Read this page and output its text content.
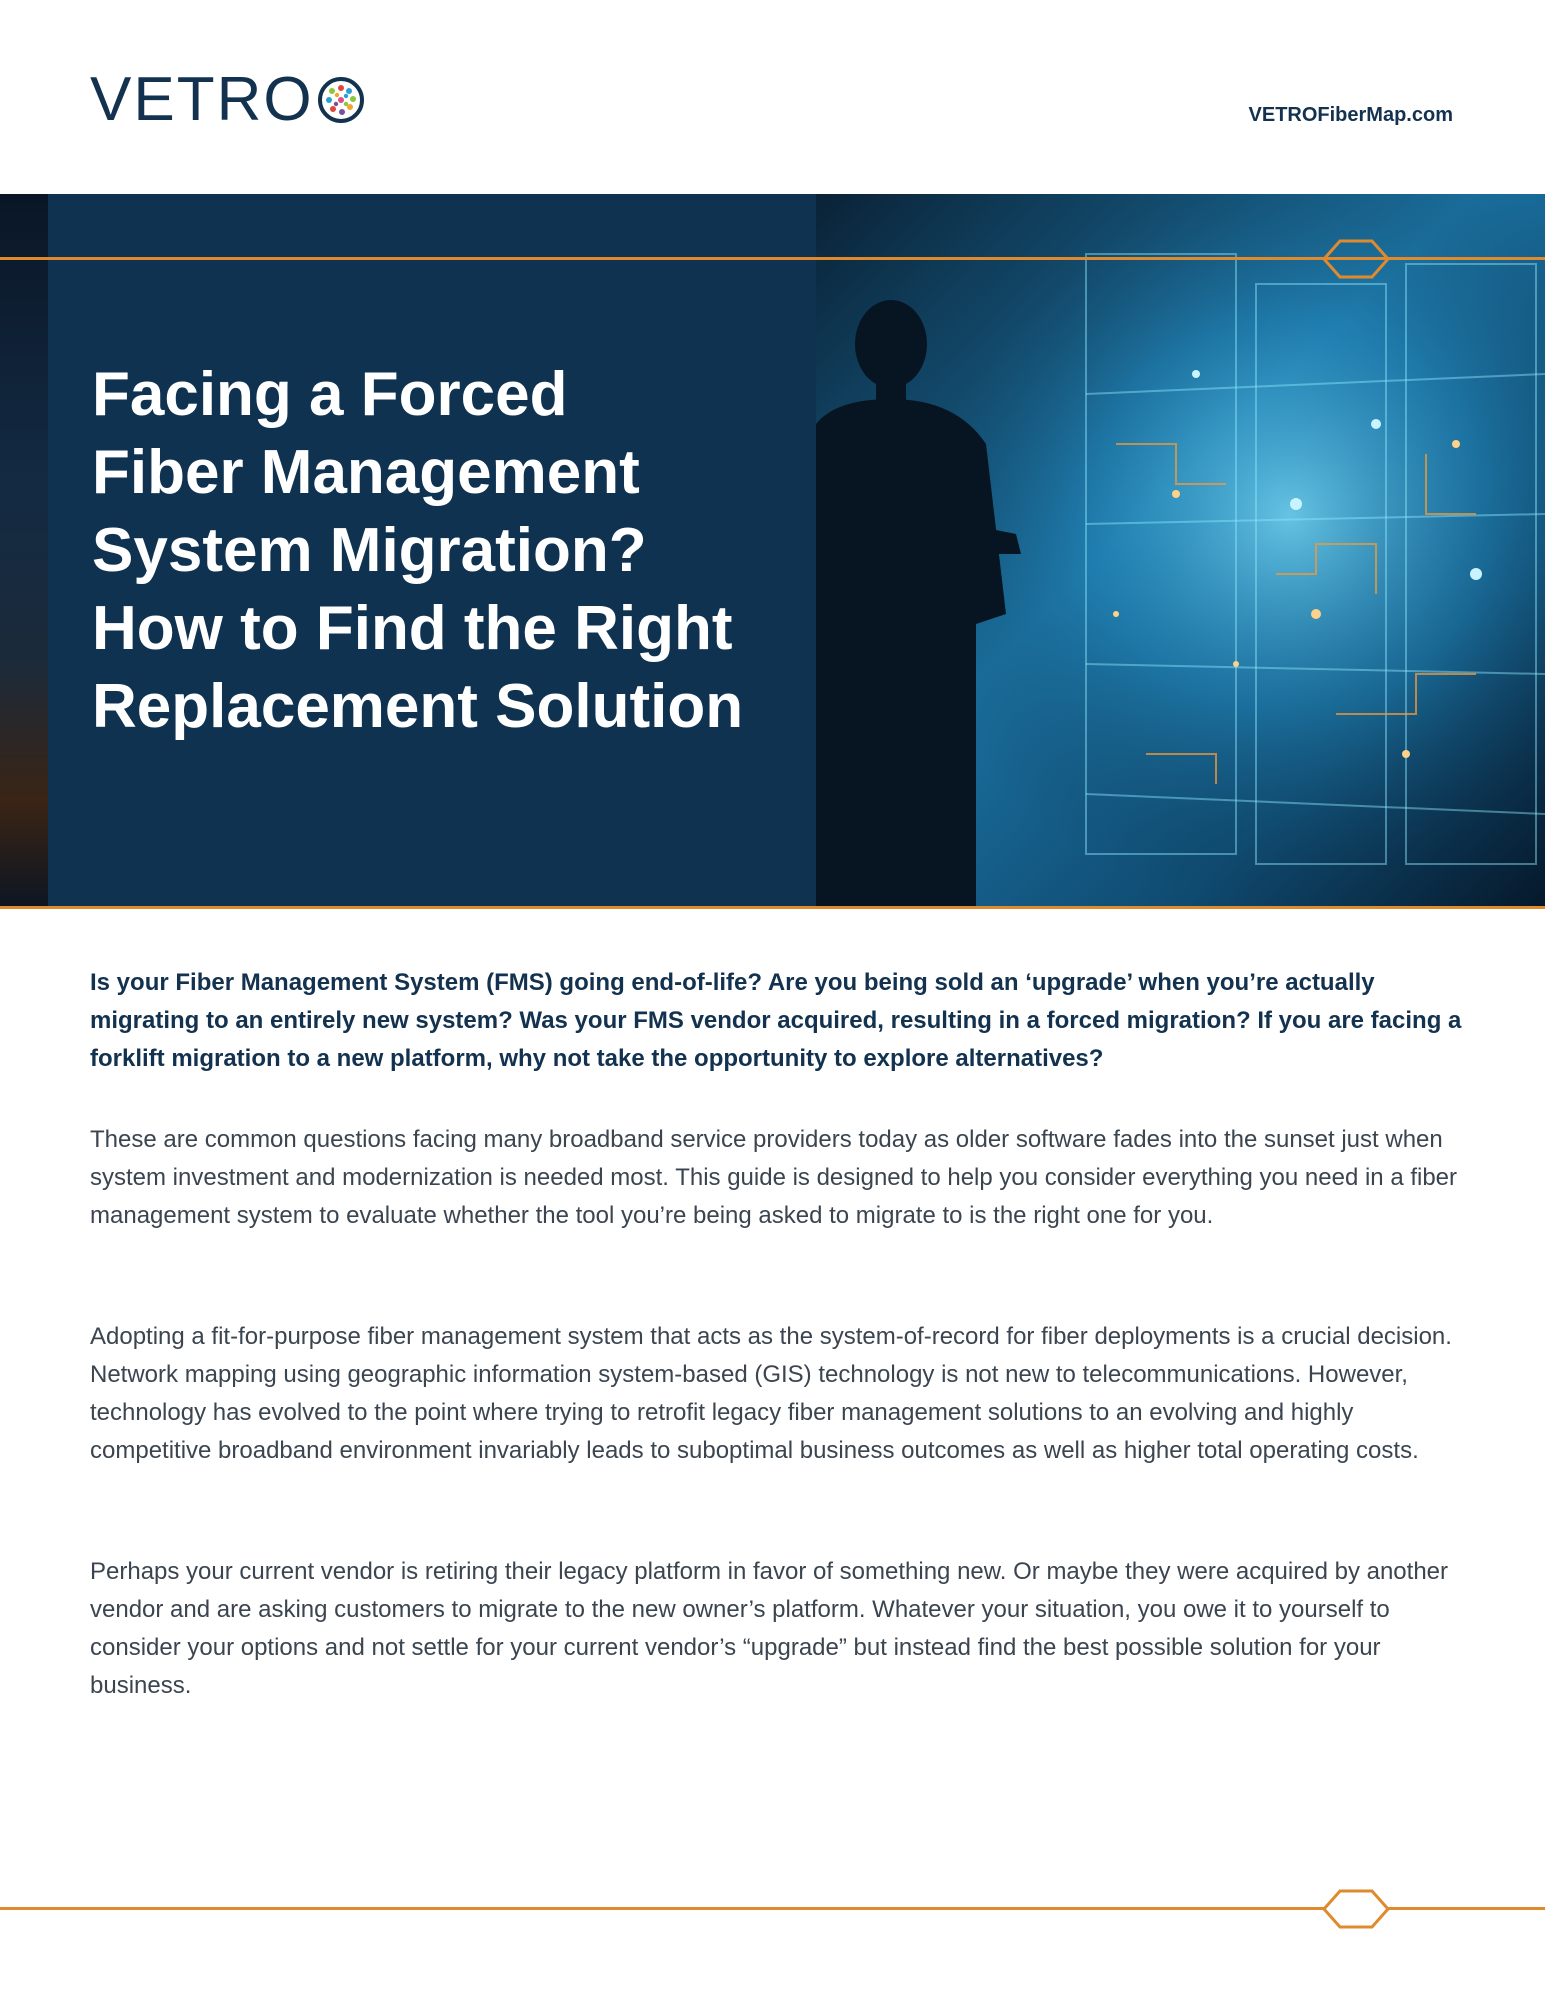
VETRO	VETROFiberMap.com
Facing a Forced
Fiber Management
System Migration?
How to Find the Right
Replacement Solution

Is your Fiber Management System (FMS) going end-of-life? Are you being sold an ‘upgrade’ when you’re actually migrating to an entirely new system? Was your FMS vendor acquired, resulting in a forced migration? If you are facing a forklift migration to a new platform, why not take the opportunity to explore alternatives?

These are common questions facing many broadband service providers today as older software fades into the sunset just when system investment and modernization is needed most. This guide is designed to help you consider everything you need in a fiber management system to evaluate whether the tool you’re being asked to migrate to is the right one for you.

Adopting a fit-for-purpose fiber management system that acts as the system-of-record for fiber deployments is a crucial decision. Network mapping using geographic information system-based (GIS) technology is not new to telecommunications. However, technology has evolved to the point where trying to retrofit legacy fiber management solutions to an evolving and highly competitive broadband environment invariably leads to suboptimal business outcomes as well as higher total operating costs.

Perhaps your current vendor is retiring their legacy platform in favor of something new. Or maybe they were acquired by another vendor and are asking customers to migrate to the new owner’s platform. Whatever your situation, you owe it to yourself to consider your options and not settle for your current vendor’s “upgrade” but instead find the best possible solution for your business.
